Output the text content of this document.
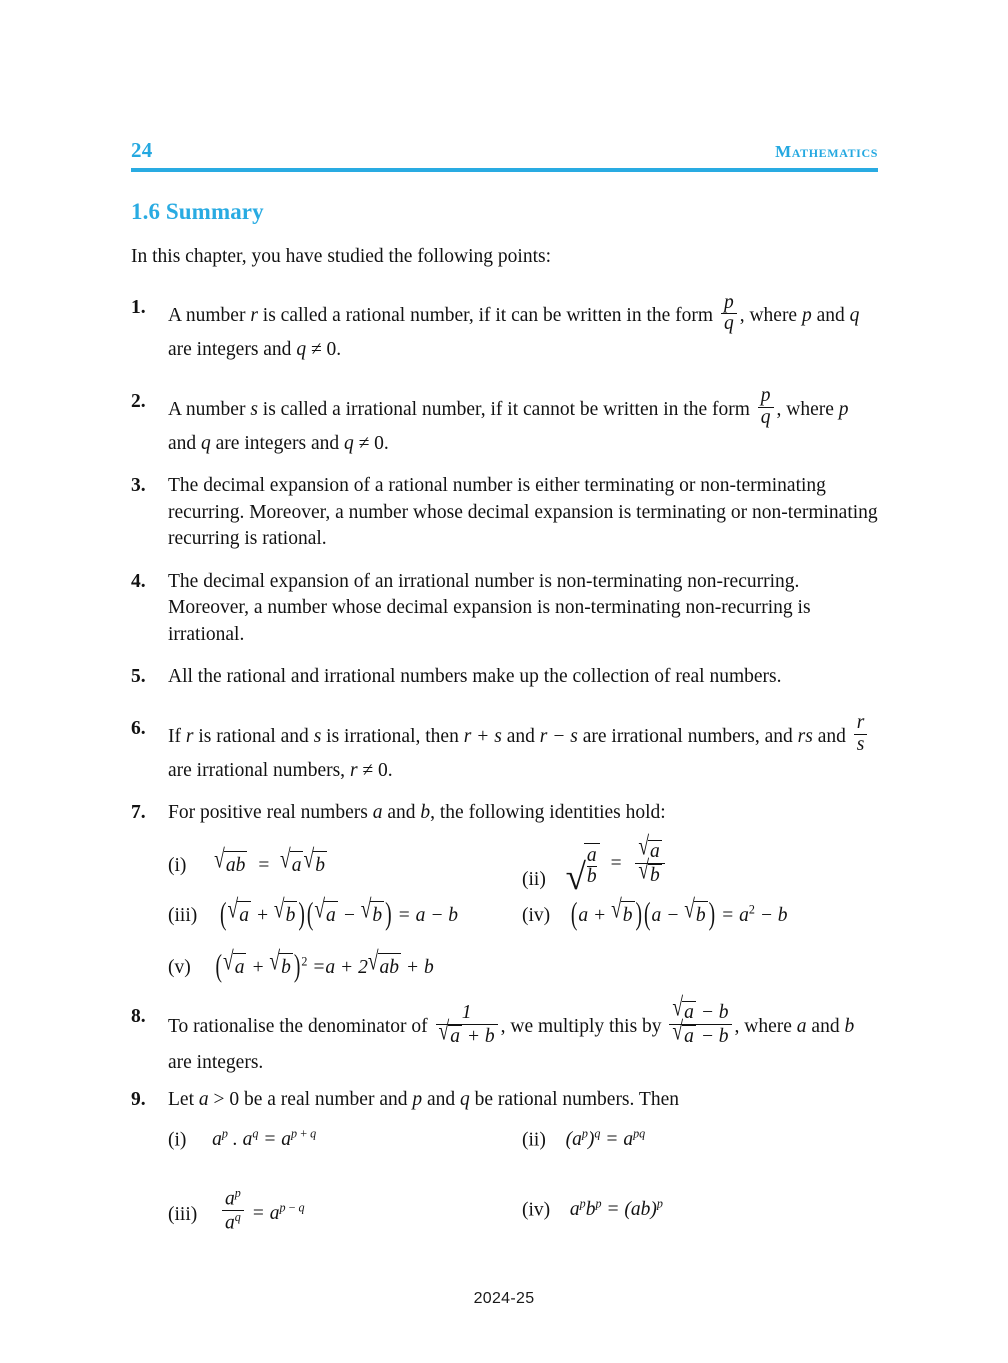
24	Mathematics
1.6 Summary
In this chapter, you have studied the following points:
1. A number r is called a rational number, if it can be written in the form $\frac{p}{q}$ , where p and q are integers and q ≠ 0.
2. A number s is called a irrational number, if it cannot be written in the form $\frac{p}{q}$ , where p and q are integers and q ≠ 0.
3. The decimal expansion of a rational number is either terminating or non-terminating recurring. Moreover, a number whose decimal expansion is terminating or non-terminating recurring is rational.
4. The decimal expansion of an irrational number is non-terminating non-recurring. Moreover, a number whose decimal expansion is non-terminating non-recurring is irrational.
5. All the rational and irrational numbers make up the collection of real numbers.
6. If r is rational and s is irrational, then r + s and r − s are irrational numbers, and rs and $\frac{r}{s}$
are irrational numbers, r ≠ 0.
7. For positive real numbers a and b, the following identities hold:
(i) √ab  =  √a √b
(ii) √
$\frac{a}{b} = \frac{√a}{√b}$
(iii) (√a + √b ) (√a − √b ) = a − b	(iv) (a + √b ) (a − √b ) = $a^2 - b$
(v) (√a + √b )$^2$ =a + 2√ab + b
8. To rationalise the denominator of $\frac{1}{√a + b}$ , we multiply this by $\frac{√a - b}{√a - b}$ , where a and b are integers.
9. Let a > 0 be a real number and p and q be rational numbers. Then
(i) $a^p$ . $a^q = a^{p + q}$	(ii)  $(a^p)^q = a^{pq}$
$(iii) \frac{a^p}{a^q} = a^{p - q}$	(iv) $a^pb^p = (ab)^p$
2024-25
